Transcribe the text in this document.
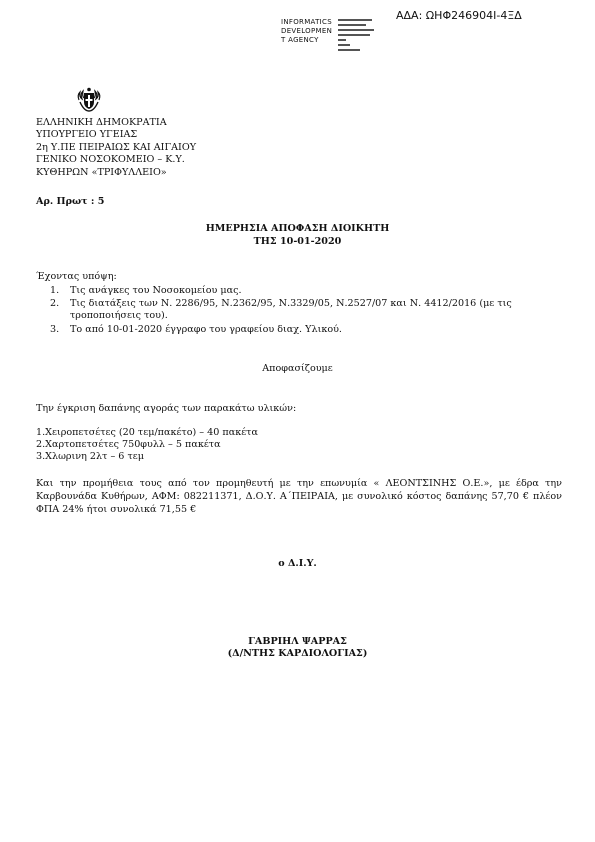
ΑΔΑ: ΩΗΦ246904Ι-4ΞΔ
INFORMATICS
DEVELOPMEN
T AGENCY
ΕΛΛΗΝΙΚΗ ΔΗΜΟΚΡΑΤΙΑ
ΥΠΟΥΡΓΕΙΟ ΥΓΕΙΑΣ
2η Υ.ΠΕ ΠΕΙΡΑΙΩΣ ΚΑΙ ΑΙΓΑΙΟΥ
ΓΕΝΙΚΟ ΝΟΣΟΚΟΜΕΙΟ – Κ.Υ.
ΚΥΘΗΡΩΝ «ΤΡΙΦΥΛΛΕΙΟ»
Αρ. Πρωτ : 5
ΗΜΕΡΗΣΙΑ ΑΠΟΦΑΣΗ ΔΙΟΙΚΗΤΗ
ΤΗΣ 10-01-2020
Έχοντας υπόψη:
1.	Τις ανάγκες του Νοσοκομείου μας.
2.	Τις διατάξεις των Ν. 2286/95, Ν.2362/95, Ν.3329/05, Ν.2527/07 και Ν. 4412/2016 (με τις τροποποιήσεις του).
3.	Το από 10-01-2020 έγγραφο του γραφείου διαχ. Υλικού.
Αποφασίζουμε
Την έγκριση δαπάνης αγοράς των παρακάτω υλικών:
1.Χειροπετσέτες (20 τεμ/πακέτο) – 40 πακέτα
2.Χαρτοπετσέτες 750φυλλ – 5 πακέτα
3.Χλωρινη 2λτ – 6 τεμ
Και την προμήθεια τους από τον προμηθευτή με την επωνυμία « ΛΕΟΝΤΣΙΝΗΣ Ο.Ε.», με έδρα την Καρβουνάδα Κυθήρων, ΑΦΜ: 082211371, Δ.Ο.Υ. Α΄ΠΕΙΡΑΙΑ, με συνολικό κόστος δαπάνης 57,70 € πλέον ΦΠΑ 24% ήτοι συνολικά 71,55 €
ο Δ.Ι.Υ.
ΓΑΒΡΙΗΛ ΨΑΡΡΑΣ
(Δ/ΝΤΗΣ ΚΑΡΔΙΟΛΟΓΙΑΣ)
